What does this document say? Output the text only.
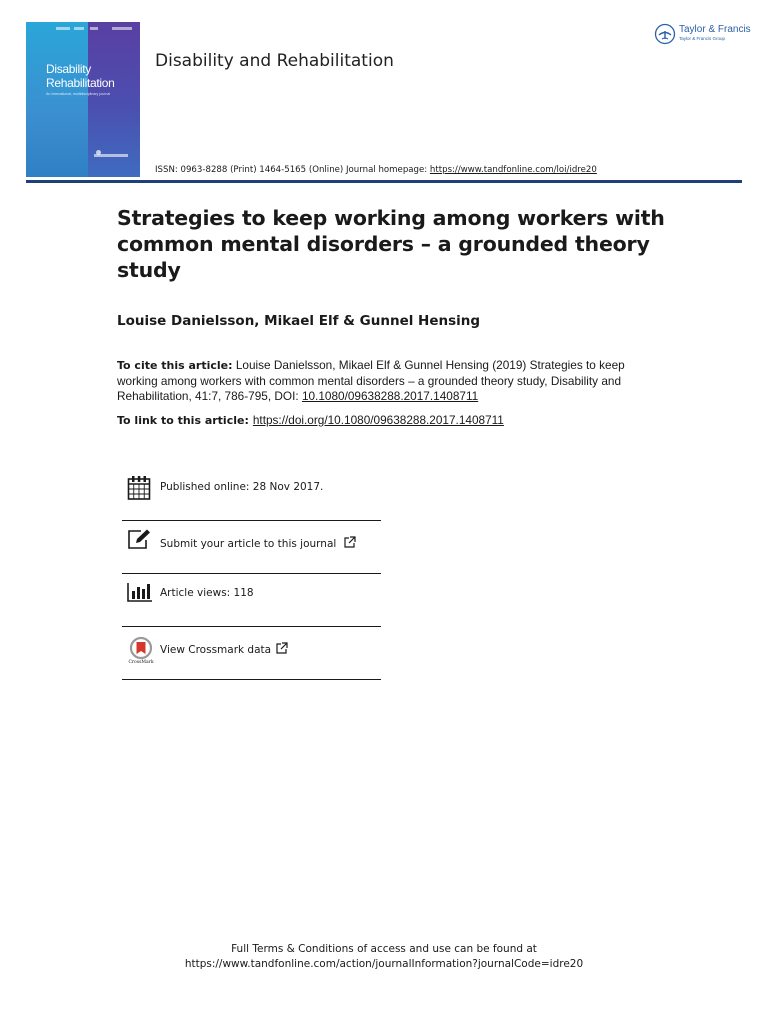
Disability
Rehabilitation
An international, multidisciplinary journal
Disability and Rehabilitation
Taylor & Francis
Taylor & Francis Group
ISSN: 0963-8288 (Print) 1464-5165 (Online) Journal homepage: https://www.tandfonline.com/loi/idre20
Strategies to keep working among workers with common mental disorders – a grounded theory study
Louise Danielsson, Mikael Elf & Gunnel Hensing
To cite this article: Louise Danielsson, Mikael Elf & Gunnel Hensing (2019) Strategies to keep working among workers with common mental disorders – a grounded theory study, Disability and Rehabilitation, 41:7, 786-795, DOI: 10.1080/09638288.2017.1408711
To link to this article: https://doi.org/10.1080/09638288.2017.1408711
Published online: 28 Nov 2017.
Submit your article to this journal
Article views: 118
CrossMark
View Crossmark data
Full Terms & Conditions of access and use can be found at
https://www.tandfonline.com/action/journalInformation?journalCode=idre20
